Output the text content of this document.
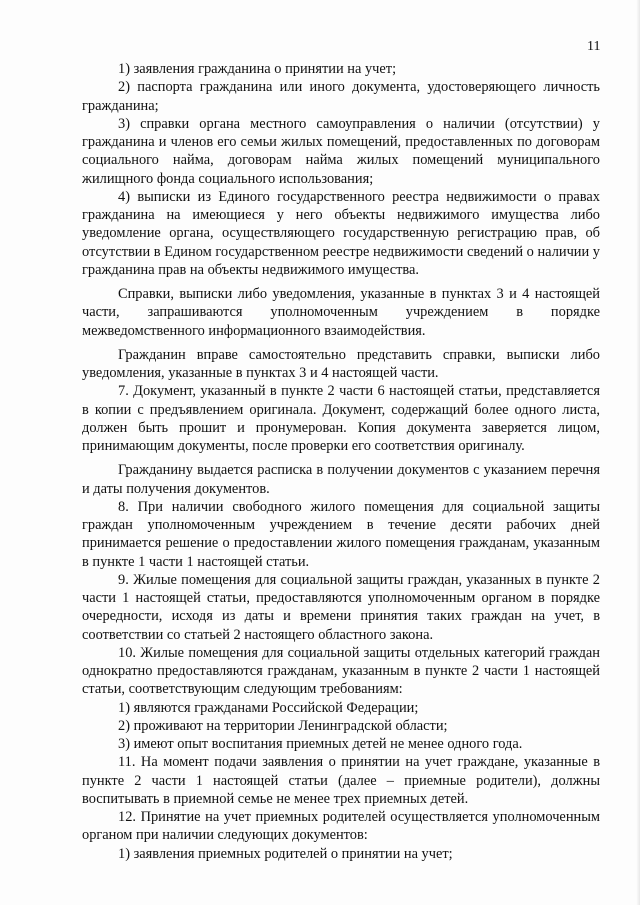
11

1) заявления гражданина о принятии на учет;

2) паспорта гражданина или иного документа, удостоверяющего личность гражданина;

3) справки органа местного самоуправления о наличии (отсутствии) у гражданина и членов его семьи жилых помещений, предоставленных по договорам социального найма, договорам найма жилых помещений муниципального жилищного фонда социального использования;

4) выписки из Единого государственного реестра недвижимости о правах гражданина на имеющиеся у него объекты недвижимого имущества либо уведомление органа, осуществляющего государственную регистрацию прав, об отсутствии в Едином государственном реестре недвижимости сведений о наличии у гражданина прав на объекты недвижимого имущества.

Справки, выписки либо уведомления, указанные в пунктах 3 и 4 настоящей части, запрашиваются уполномоченным учреждением в порядке межведомственного информационного взаимодействия.

Гражданин вправе самостоятельно представить справки, выписки либо уведомления, указанные в пунктах 3 и 4 настоящей части.

7. Документ, указанный в пункте 2 части 6 настоящей статьи, представляется в копии с предъявлением оригинала. Документ, содержащий более одного листа, должен быть прошит и пронумерован. Копия документа заверяется лицом, принимающим документы, после проверки его соответствия оригиналу.

Гражданину выдается расписка в получении документов с указанием перечня и даты получения документов.

8. При наличии свободного жилого помещения для социальной защиты граждан уполномоченным учреждением в течение десяти рабочих дней принимается решение о предоставлении жилого помещения гражданам, указанным в пункте 1 части 1 настоящей статьи.

9. Жилые помещения для социальной защиты граждан, указанных в пункте 2 части 1 настоящей статьи, предоставляются уполномоченным органом в порядке очередности, исходя из даты и времени принятия таких граждан на учет, в соответствии со статьей 2 настоящего областного закона.

10. Жилые помещения для социальной защиты отдельных категорий граждан однократно предоставляются гражданам, указанным в пункте 2 части 1 настоящей статьи, соответствующим следующим требованиям:

1) являются гражданами Российской Федерации;

2) проживают на территории Ленинградской области;

3) имеют опыт воспитания приемных детей не менее одного года.

11. На момент подачи заявления о принятии на учет граждане, указанные в пункте 2 части 1 настоящей статьи (далее – приемные родители), должны воспитывать в приемной семье не менее трех приемных детей.

12. Принятие на учет приемных родителей осуществляется уполномоченным органом при наличии следующих документов:

1) заявления приемных родителей о принятии на учет;
